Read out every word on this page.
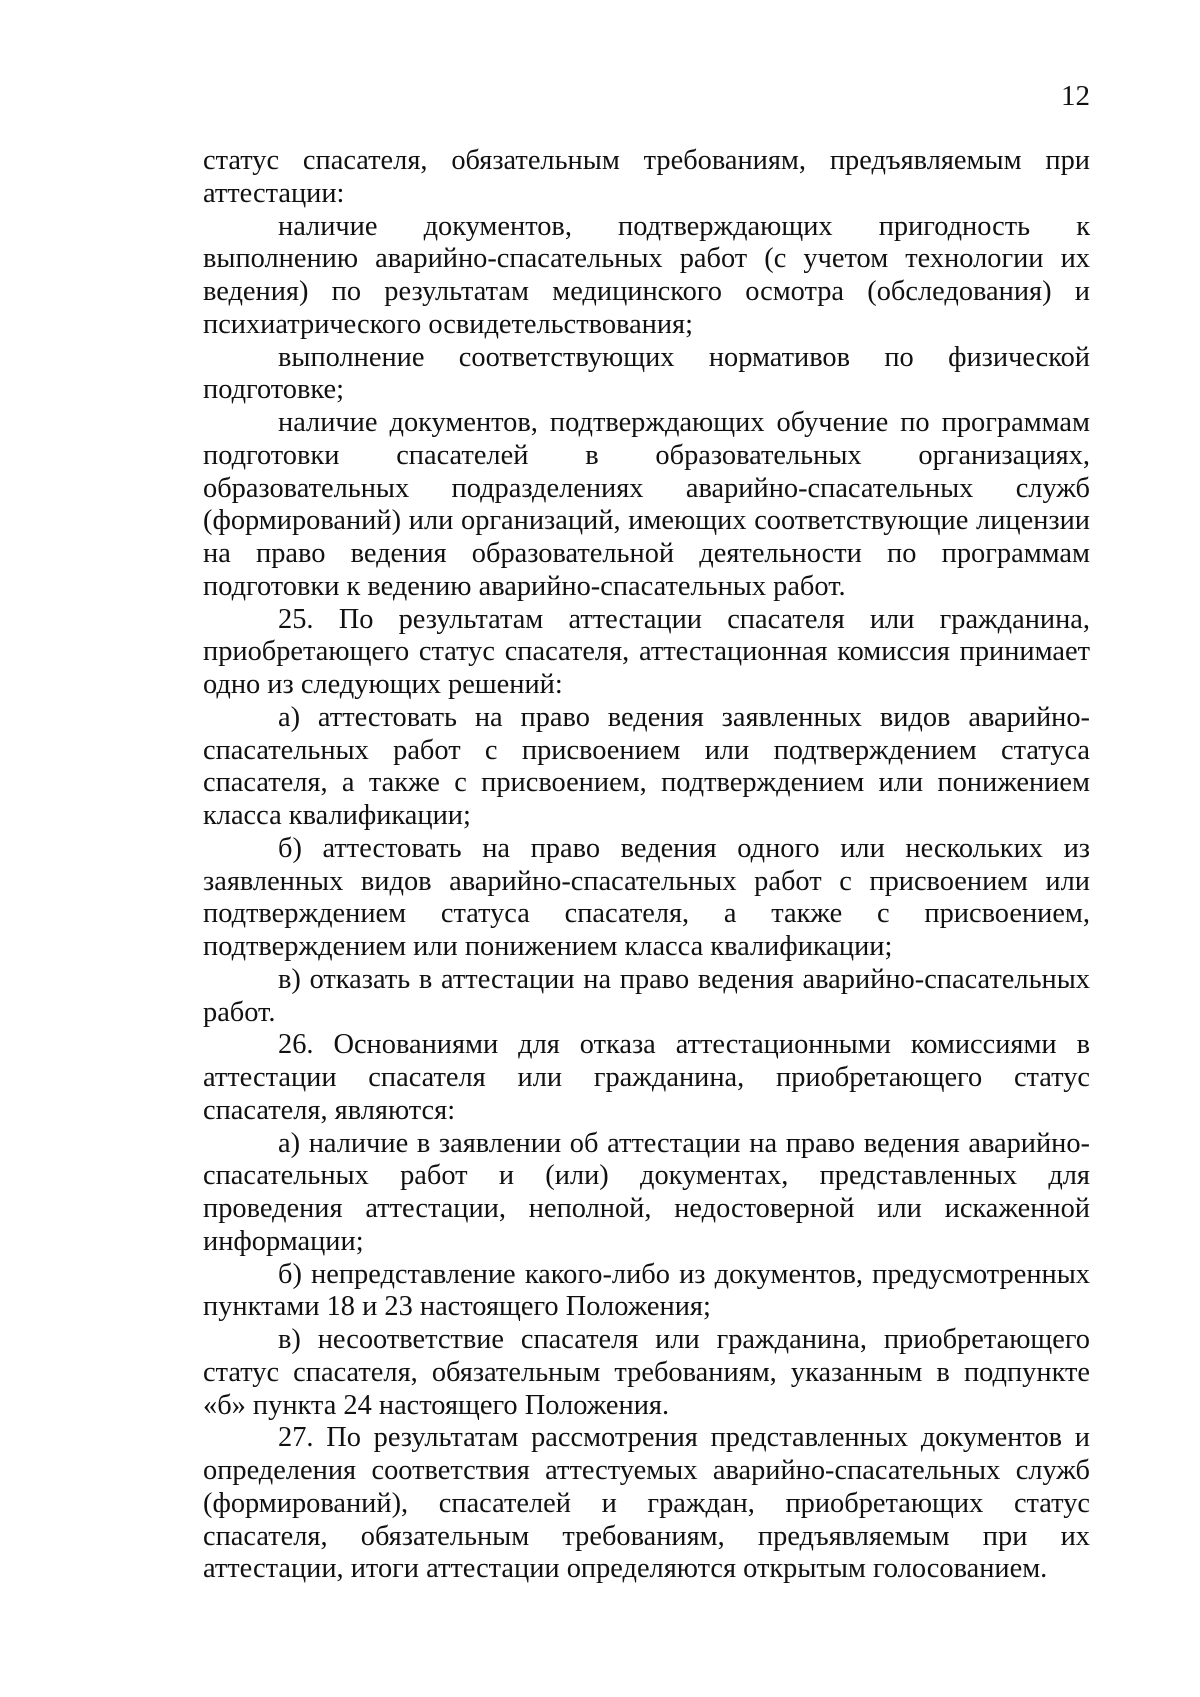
12

статус спасателя, обязательным требованиям, предъявляемым при аттестации:

наличие документов, подтверждающих пригодность к выполнению аварийно-спасательных работ (с учетом технологии их ведения) по результатам медицинского осмотра (обследования) и психиатрического освидетельствования;

выполнение соответствующих нормативов по физической подготовке;

наличие документов, подтверждающих обучение по программам подготовки спасателей в образовательных организациях, образовательных подразделениях аварийно-спасательных служб (формирований) или организаций, имеющих соответствующие лицензии на право ведения образовательной деятельности по программам подготовки к ведению аварийно-спасательных работ.

25. По результатам аттестации спасателя или гражданина, приобретающего статус спасателя, аттестационная комиссия принимает одно из следующих решений:

а) аттестовать на право ведения заявленных видов аварийно-спасательных работ с присвоением или подтверждением статуса спасателя, а также с присвоением, подтверждением или понижением класса квалификации;

б) аттестовать на право ведения одного или нескольких из заявленных видов аварийно-спасательных работ с присвоением или подтверждением статуса спасателя, а также с присвоением, подтверждением или понижением класса квалификации;

в) отказать в аттестации на право ведения аварийно-спасательных работ.

26. Основаниями для отказа аттестационными комиссиями в аттестации спасателя или гражданина, приобретающего статус спасателя, являются:

а) наличие в заявлении об аттестации на право ведения аварийно-спасательных работ и (или) документах, представленных для проведения аттестации, неполной, недостоверной или искаженной информации;

б) непредставление какого-либо из документов, предусмотренных пунктами 18 и 23 настоящего Положения;

в) несоответствие спасателя или гражданина, приобретающего статус спасателя, обязательным требованиям, указанным в подпункте «б» пункта 24 настоящего Положения.

27. По результатам рассмотрения представленных документов и определения соответствия аттестуемых аварийно-спасательных служб (формирований), спасателей и граждан, приобретающих статус спасателя, обязательным требованиям, предъявляемым при их аттестации, итоги аттестации определяются открытым голосованием.
